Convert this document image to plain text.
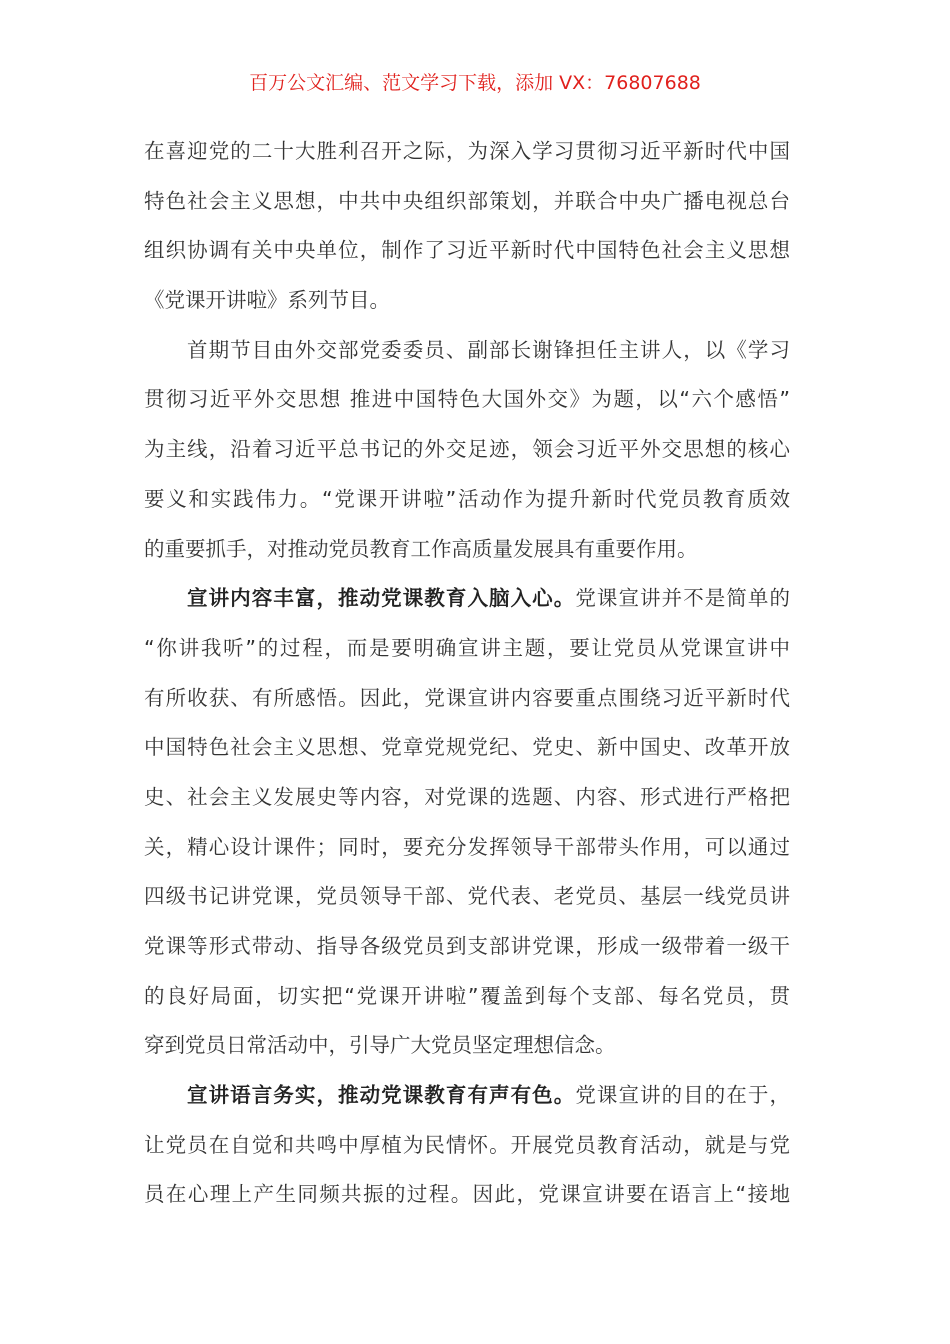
百万公文汇编、范文学习下载，添加 VX：76807688
在喜迎党的二十大胜利召开之际，为深入学习贯彻习近平新时代中国
特色社会主义思想，中共中央组织部策划，并联合中央广播电视总台
组织协调有关中央单位，制作了习近平新时代中国特色社会主义思想
《党课开讲啦》系列节目。
首期节目由外交部党委委员、副部长谢锋担任主讲人，以《学习
贯彻习近平外交思想 推进中国特色大国外交》为题，以“六个感悟”
为主线，沿着习近平总书记的外交足迹，领会习近平外交思想的核心
要义和实践伟力。“党课开讲啦”活动作为提升新时代党员教育质效
的重要抓手，对推动党员教育工作高质量发展具有重要作用。
宣讲内容丰富，推动党课教育入脑入心。党课宣讲并不是简单的
“你讲我听”的过程，而是要明确宣讲主题，要让党员从党课宣讲中
有所收获、有所感悟。因此，党课宣讲内容要重点围绕习近平新时代
中国特色社会主义思想、党章党规党纪、党史、新中国史、改革开放
史、社会主义发展史等内容，对党课的选题、内容、形式进行严格把
关，精心设计课件；同时，要充分发挥领导干部带头作用，可以通过
四级书记讲党课，党员领导干部、党代表、老党员、基层一线党员讲
党课等形式带动、指导各级党员到支部讲党课，形成一级带着一级干
的良好局面，切实把“党课开讲啦”覆盖到每个支部、每名党员，贯
穿到党员日常活动中，引导广大党员坚定理想信念。
宣讲语言务实，推动党课教育有声有色。党课宣讲的目的在于，
让党员在自觉和共鸣中厚植为民情怀。开展党员教育活动，就是与党
员在心理上产生同频共振的过程。因此，党课宣讲要在语言上“接地
